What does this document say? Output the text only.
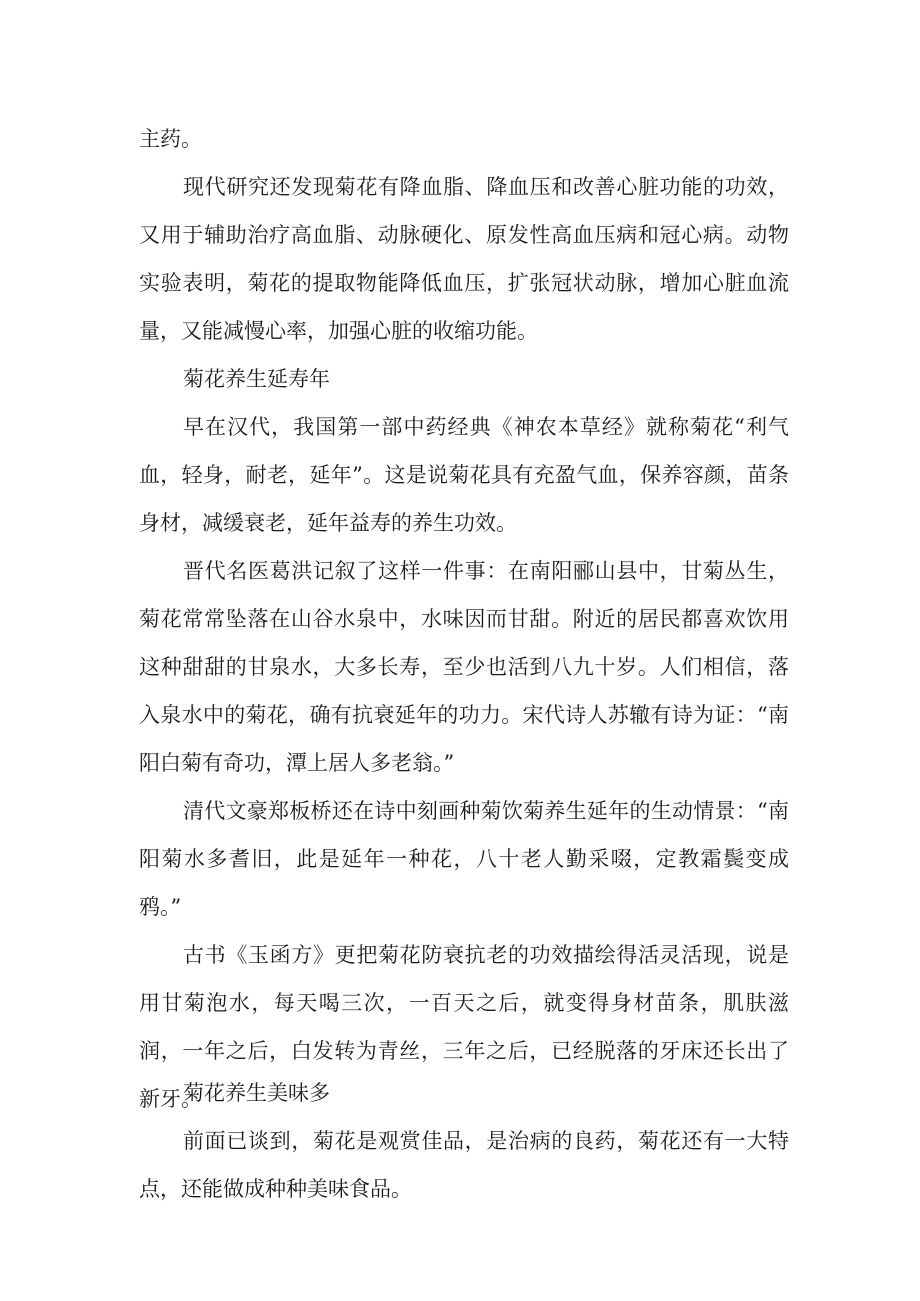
主药。

现代研究还发现菊花有降血脂、降血压和改善心脏功能的功效，又用于辅助治疗高血脂、动脉硬化、原发性高血压病和冠心病。动物实验表明，菊花的提取物能降低血压，扩张冠状动脉，增加心脏血流量，又能减慢心率，加强心脏的收缩功能。

菊花养生延寿年

早在汉代，我国第一部中药经典《神农本草经》就称菊花“利气血，轻身，耐老，延年”。这是说菊花具有充盈气血，保养容颜，苗条身材，减缓衰老，延年益寿的养生功效。

晋代名医葛洪记叙了这样一件事：在南阳郦山县中，甘菊丛生，菊花常常坠落在山谷水泉中，水味因而甘甜。附近的居民都喜欢饮用这种甜甜的甘泉水，大多长寿，至少也活到八九十岁。人们相信，落入泉水中的菊花，确有抗衰延年的功力。宋代诗人苏辙有诗为证：“南阳白菊有奇功，潭上居人多老翁。”

清代文豪郑板桥还在诗中刻画种菊饮菊养生延年的生动情景：“南阳菊水多耆旧，此是延年一种花，八十老人勤采啜，定教霜鬓变成鸦。”

古书《玉函方》更把菊花防衰抗老的功效描绘得活灵活现，说是用甘菊泡水，每天喝三次，一百天之后，就变得身材苗条，肌肤滋润，一年之后，白发转为青丝，三年之后，已经脱落的牙床还长出了新牙。

菊花养生美味多

前面已谈到，菊花是观赏佳品，是治病的良药，菊花还有一大特点，还能做成种种美味食品。
